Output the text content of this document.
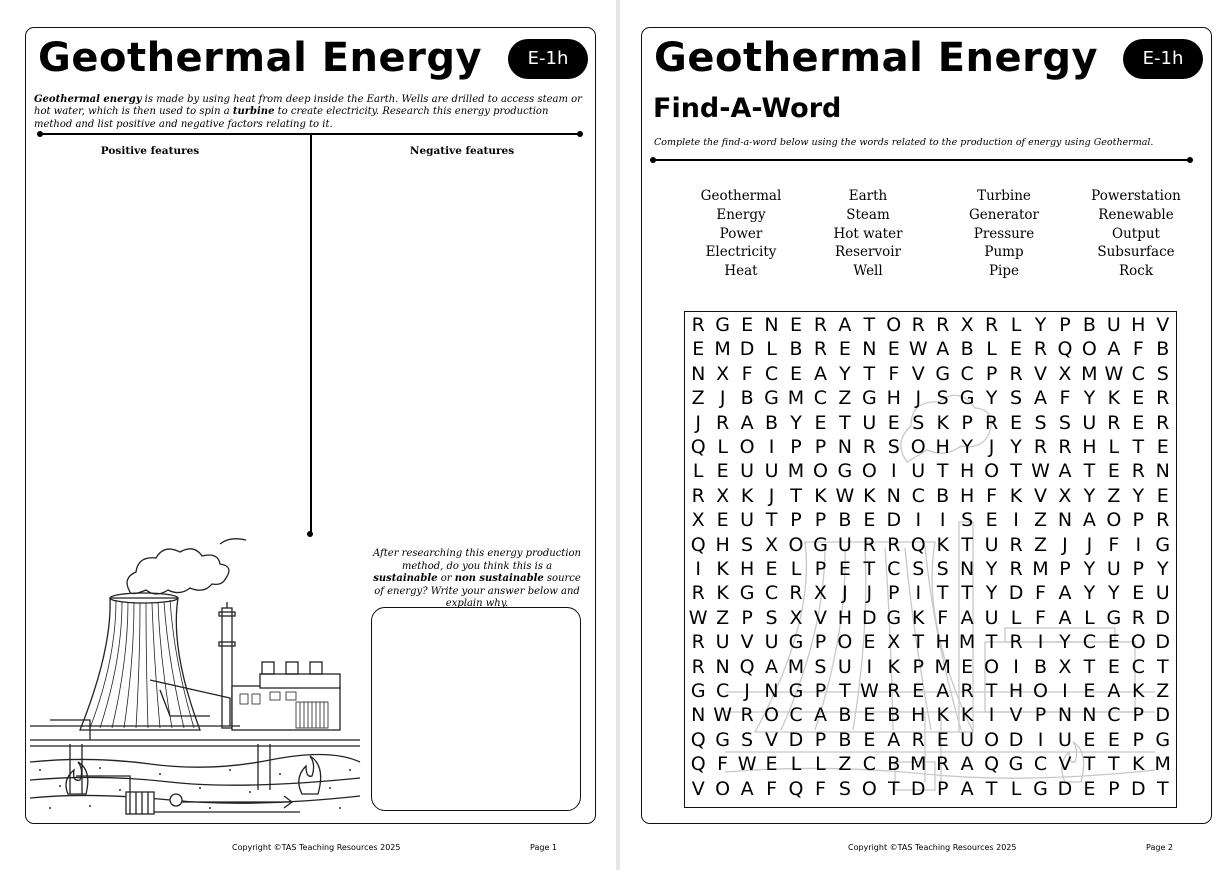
Geothermal Energy	E-1h
Geothermal energy is made by using heat from deep inside the Earth. Wells are drilled to access steam or hot water, which is then used to spin a turbine to create electricity. Research this energy production method and list positive and negative factors relating to it.
Positive features	Negative features
After researching this energy production method, do you think this is a sustainable or non sustainable source of energy? Write your answer below and explain why.
Copyright ©TAS Teaching Resources 2025	Page 1
Geothermal Energy	E-1h
Find-A-Word
Complete the find-a-word below using the words related to the production of energy using Geothermal.
Geothermal
Energy
Power
Electricity
Heat
Earth
Steam
Hot water
Reservoir
Well
Turbine
Generator
Pressure
Pump
Pipe
Powerstation
Renewable
Output
Subsurface
Rock
R G E N E R A T O R R X R L Y P B U H V
E M D L B R E N E W A B L E R Q O A F B
N X F C E A Y T F V G C P R V X M W C S
Z J B G M C Z G H J S G Y S A F Y K E R
J R A B Y E T U E S K P R E S S U R E R
Q L O I P P N R S O H Y J Y R R H L T E
L E U U M O G O I U T H O T W A T E R N
R X K J T K W K N C B H F K V X Y Z Y E
X E U T P P B E D I I S E I Z N A O P R
Q H S X O G U R R Q K T U R Z J J F I G
I K H E L P E T C S S N Y R M P Y U P Y
R K G C R X J J P I T T Y D F A Y Y E U
W Z P S X V H D G K F A U L F A L G R D
R U V U G P O E X T H M T R I Y C E O D
R N Q A M S U I K P M E O I B X T E C T
G C J N G P T W R E A R T H O I E A K Z
N W R O C A B E B H K K I V P N N C P D
Q G S V D P B E A R E U O D I U E E P G
Q F W E L L Z C B M R A Q G C V T T K M
V O A F Q F S O T D P A T L G D E P D T
Copyright ©TAS Teaching Resources 2025	Page 2
